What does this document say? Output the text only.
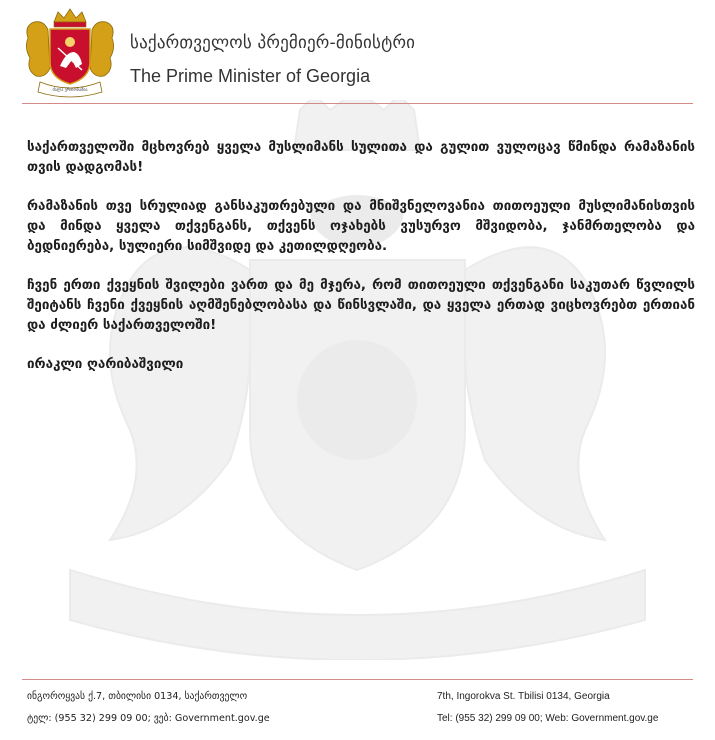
ძალა ერთობაშია
საქართველოს პრემიერ-მინისტრი
The Prime Minister of Georgia

საქართველოში მცხოვრებ ყველა მუსლიმანს სულითა და გულით ვულოცავ წმინდა რამაზანის თვის დადგომას!

რამაზანის თვე სრულიად განსაკუთრებული და მნიშვნელოვანია თითოეული მუსლიმანისთვის და მინდა ყველა თქვენგანს, თქვენს ოჯახებს ვუსურვო მშვიდობა, ჯანმრთელობა და ბედნიერება, სულიერი სიმშვიდე და კეთილდღეობა.

ჩვენ ერთი ქვეყნის შვილები ვართ და მე მჯერა, რომ თითოეული თქვენგანი საკუთარ წვლილს შეიტანს ჩვენი ქვეყნის აღმშენებლობასა და წინსვლაში, და ყველა ერთად ვიცხოვრებთ ერთიან და ძლიერ საქართველოში!

ირაკლი ღარიბაშვილი

ინგოროყვას ქ.7, თბილისი 0134, საქართველო
ტელ: (955 32) 299 09 00; ვებ: Government.gov.ge
7th, Ingorokva St. Tbilisi 0134, Georgia
Tel: (955 32) 299 09 00; Web: Government.gov.ge
